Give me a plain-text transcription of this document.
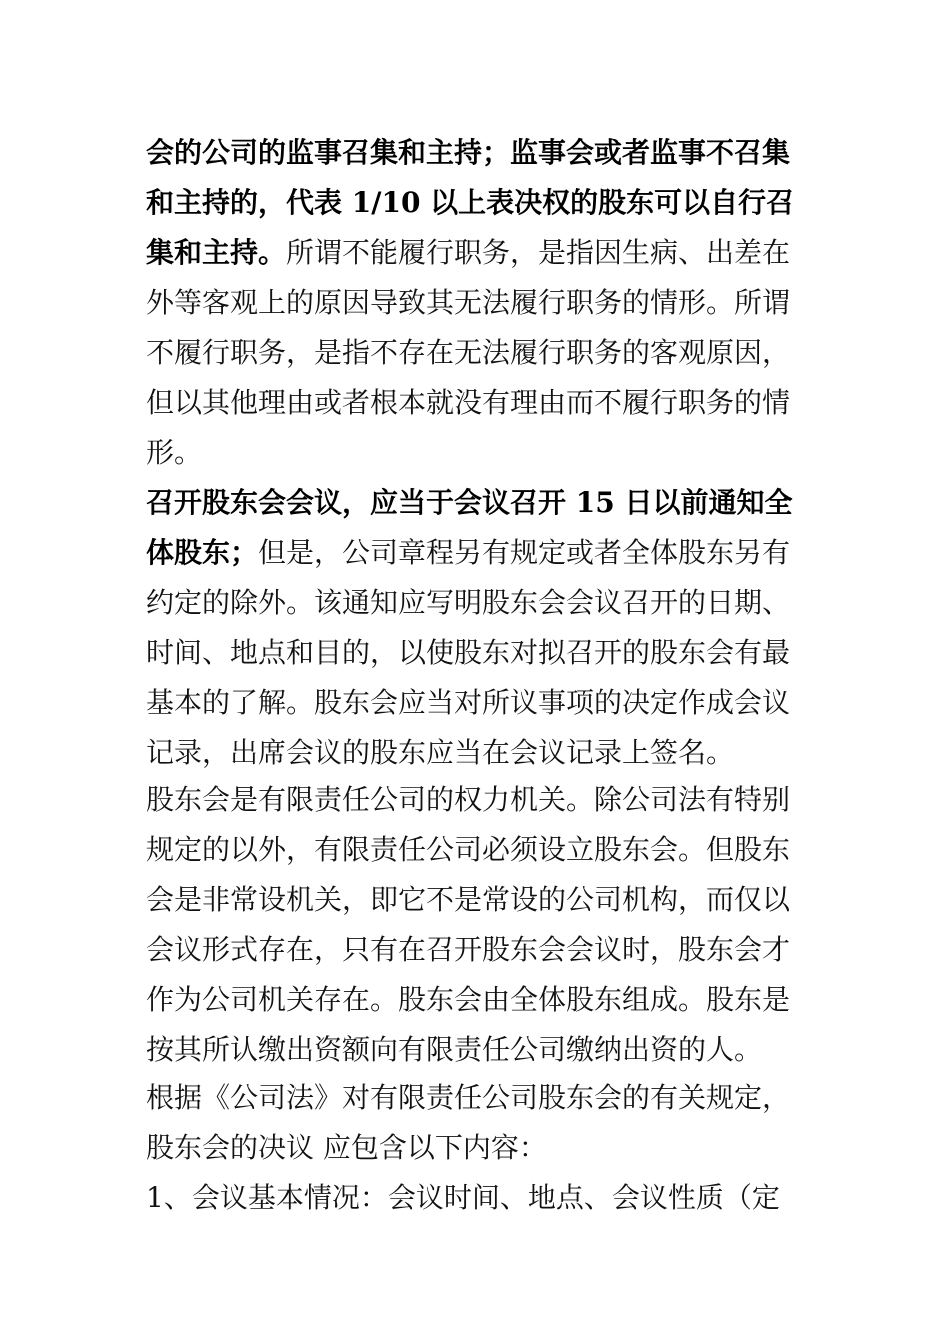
会的公司的监事召集和主持；监事会或者监事不召集
和主持的，代表 1/10 以上表决权的股东可以自行召
集和主持。所谓不能履行职务，是指因生病、出差在
外等客观上的原因导致其无法履行职务的情形。所谓
不履行职务，是指不存在无法履行职务的客观原因，
但以其他理由或者根本就没有理由而不履行职务的情
形。
召开股东会会议，应当于会议召开 15 日以前通知全
体股东；但是，公司章程另有规定或者全体股东另有
约定的除外。该通知应写明股东会会议召开的日期、
时间、地点和目的，以使股东对拟召开的股东会有最
基本的了解。股东会应当对所议事项的决定作成会议
记录，出席会议的股东应当在会议记录上签名。
股东会是有限责任公司的权力机关。除公司法有特别
规定的以外，有限责任公司必须设立股东会。但股东
会是非常设机关，即它不是常设的公司机构，而仅以
会议形式存在，只有在召开股东会会议时，股东会才
作为公司机关存在。股东会由全体股东组成。股东是
按其所认缴出资额向有限责任公司缴纳出资的人。
根据《公司法》对有限责任公司股东会的有关规定，
股东会的决议 应包含以下内容：
1、会议基本情况：会议时间、地点、会议性质（定
